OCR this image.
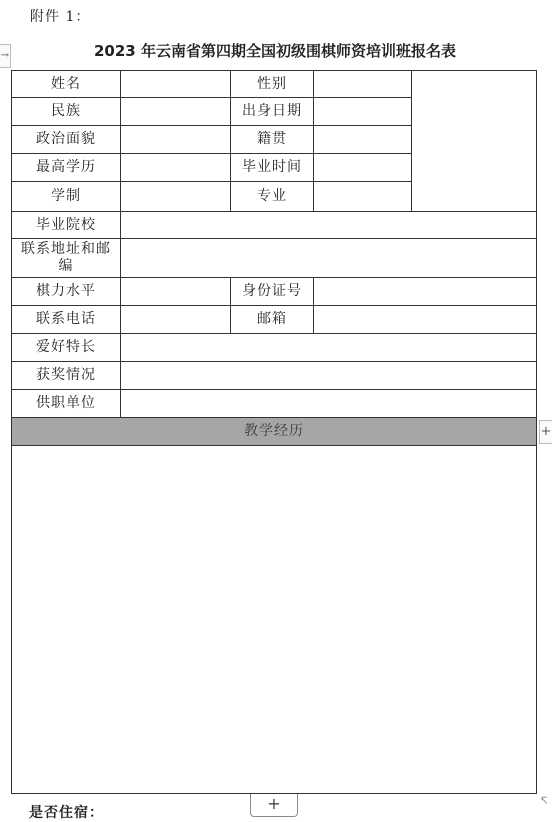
附件 1：
→	2023 年云南省第四期全国初级围棋师资培训班报名表
姓名	性别
民族	出身日期
政治面貌	籍贯
最高学历	毕业时间
学制	专业
毕业院校
联系地址和邮编
棋力水平	身份证号
联系电话	邮箱
爱好特长
获奖情况
供职单位
教学经历	+
+
是否住宿：
↸
